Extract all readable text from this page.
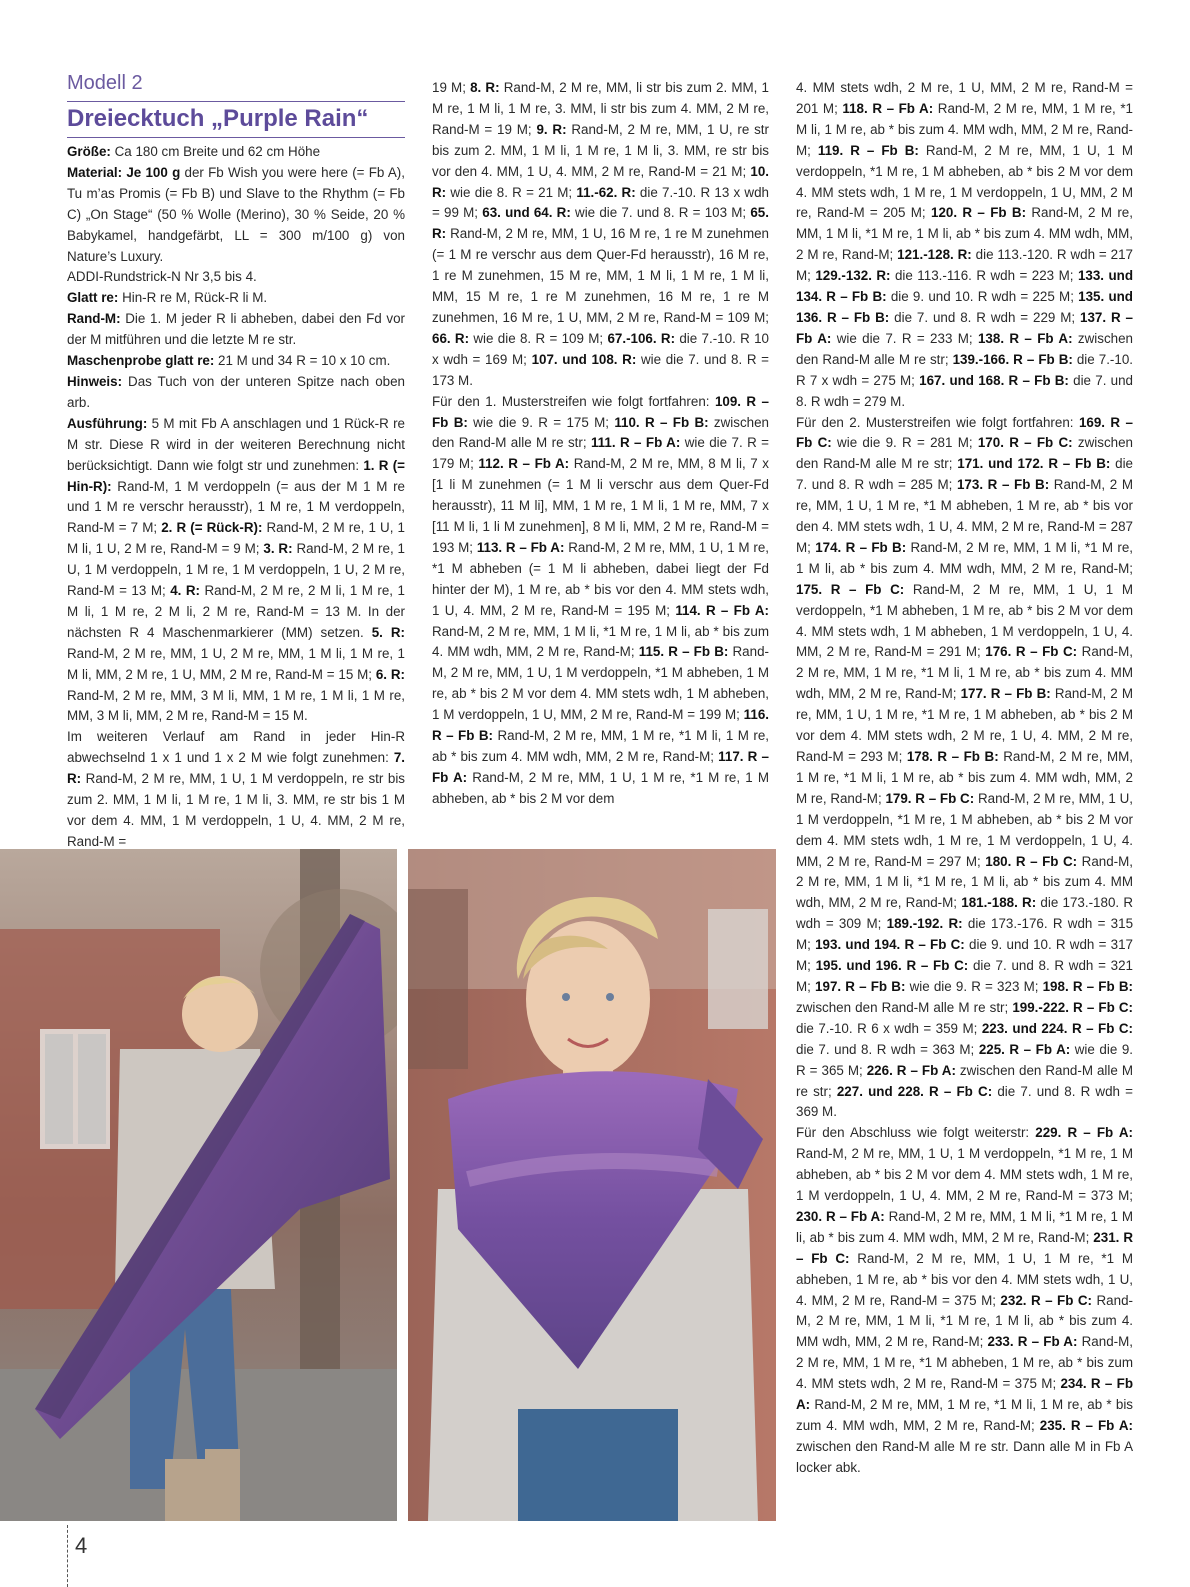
Modell 2
Dreiecktuch „Purple Rain“

Größe: Ca 180 cm Breite und 62 cm Höhe

Material: Je 100 g der Fb Wish you were here (= Fb A), Tu m’as Promis (= Fb B) und Slave to the Rhythm (= Fb C) „On Stage“ (50 % Wolle (Merino), 30 % Seide, 20 % Babykamel, handgefärbt, LL = 300 m/100 g) von Nature’s Luxury.

ADDI-Rundstrick-N Nr 3,5 bis 4.

Glatt re: Hin-R re M, Rück-R li M.

Rand-M: Die 1. M jeder R li abheben, dabei den Fd vor der M mitführen und die letzte M re str.

Maschenprobe glatt re: 21 M und 34 R = 10 x 10 cm.

Hinweis: Das Tuch von der unteren Spitze nach oben arb.

Ausführung: 5 M mit Fb A anschlagen und 1 Rück-R re M str. Diese R wird in der weiteren Berechnung nicht berücksichtigt. Dann wie folgt str und zunehmen: 1. R (= Hin-R): Rand-M, 1 M verdoppeln (= aus der M 1 M re und 1 M re verschr herausstr), 1 M re, 1 M verdoppeln, Rand-M = 7 M; 2. R (= Rück-R): Rand-M, 2 M re, 1 U, 1 M li, 1 U, 2 M re, Rand-M = 9 M; 3. R: Rand-M, 2 M re, 1 U, 1 M verdoppeln, 1 M re, 1 M verdoppeln, 1 U, 2 M re, Rand-M = 13 M; 4. R: Rand-M, 2 M re, 2 M li, 1 M re, 1 M li, 1 M re, 2 M li, 2 M re, Rand-M = 13 M. In der nächsten R 4 Maschenmarkierer (MM) setzen. 5. R: Rand-M, 2 M re, MM, 1 U, 2 M re, MM, 1 M li, 1 M re, 1 M li, MM, 2 M re, 1 U, MM, 2 M re, Rand-M = 15 M; 6. R: Rand-M, 2 M re, MM, 3 M li, MM, 1 M re, 1 M li, 1 M re, MM, 3 M li, MM, 2 M re, Rand-M = 15 M.

Im weiteren Verlauf am Rand in jeder Hin-R abwechselnd 1 x 1 und 1 x 2 M wie folgt zunehmen: 7. R: Rand-M, 2 M re, MM, 1 U, 1 M verdoppeln, re str bis zum 2. MM, 1 M li, 1 M re, 1 M li, 3. MM, re str bis 1 M vor dem 4. MM, 1 M verdoppeln, 1 U, 4. MM, 2 M re, Rand-M =

19 M; 8. R: Rand-M, 2 M re, MM, li str bis zum 2. MM, 1 M re, 1 M li, 1 M re, 3. MM, li str bis zum 4. MM, 2 M re, Rand-M = 19 M; 9. R: Rand-M, 2 M re, MM, 1 U, re str bis zum 2. MM, 1 M li, 1 M re, 1 M li, 3. MM, re str bis vor den 4. MM, 1 U, 4. MM, 2 M re, Rand-M = 21 M; 10. R: wie die 8. R = 21 M; 11.-62. R: die 7.-10. R 13 x wdh = 99 M; 63. und 64. R: wie die 7. und 8. R = 103 M; 65. R: Rand-M, 2 M re, MM, 1 U, 16 M re, 1 re M zunehmen (= 1 M re verschr aus dem Quer-Fd herausstr), 16 M re, 1 re M zunehmen, 15 M re, MM, 1 M li, 1 M re, 1 M li, MM, 15 M re, 1 re M zunehmen, 16 M re, 1 re M zunehmen, 16 M re, 1 U, MM, 2 M re, Rand-M = 109 M; 66. R: wie die 8. R = 109 M; 67.-106. R: die 7.-10. R 10 x wdh = 169 M; 107. und 108. R: wie die 7. und 8. R = 173 M.

Für den 1. Musterstreifen wie folgt fortfahren: 109. R – Fb B: wie die 9. R = 175 M; 110. R – Fb B: zwischen den Rand-M alle M re str; 111. R – Fb A: wie die 7. R = 179 M; 112. R – Fb A: Rand-M, 2 M re, MM, 8 M li, 7 x [1 li M zunehmen (= 1 M li verschr aus dem Quer-Fd herausstr), 11 M li], MM, 1 M re, 1 M li, 1 M re, MM, 7 x [11 M li, 1 li M zunehmen], 8 M li, MM, 2 M re, Rand-M = 193 M; 113. R – Fb A: Rand-M, 2 M re, MM, 1 U, 1 M re, *1 M abheben (= 1 M li abheben, dabei liegt der Fd hinter der M), 1 M re, ab * bis vor den 4. MM stets wdh, 1 U, 4. MM, 2 M re, Rand-M = 195 M; 114. R – Fb A: Rand-M, 2 M re, MM, 1 M li, *1 M re, 1 M li, ab * bis zum 4. MM wdh, MM, 2 M re, Rand-M; 115. R – Fb B: Rand-M, 2 M re, MM, 1 U, 1 M verdoppeln, *1 M abheben, 1 M re, ab * bis 2 M vor dem 4. MM stets wdh, 1 M abheben, 1 M verdoppeln, 1 U, MM, 2 M re, Rand-M = 199 M; 116. R – Fb B: Rand-M, 2 M re, MM, 1 M re, *1 M li, 1 M re, ab * bis zum 4. MM wdh, MM, 2 M re, Rand-M; 117. R – Fb A: Rand-M, 2 M re, MM, 1 U, 1 M re, *1 M re, 1 M abheben, ab * bis 2 M vor dem

4. MM stets wdh, 2 M re, 1 U, MM, 2 M re, Rand-M = 201 M; 118. R – Fb A: Rand-M, 2 M re, MM, 1 M re, *1 M li, 1 M re, ab * bis zum 4. MM wdh, MM, 2 M re, Rand-M; 119. R – Fb B: Rand-M, 2 M re, MM, 1 U, 1 M verdoppeln, *1 M re, 1 M abheben, ab * bis 2 M vor dem 4. MM stets wdh, 1 M re, 1 M verdoppeln, 1 U, MM, 2 M re, Rand-M = 205 M; 120. R – Fb B: Rand-M, 2 M re, MM, 1 M li, *1 M re, 1 M li, ab * bis zum 4. MM wdh, MM, 2 M re, Rand-M; 121.-128. R: die 113.-120. R wdh = 217 M; 129.-132. R: die 113.-116. R wdh = 223 M; 133. und 134. R – Fb B: die 9. und 10. R wdh = 225 M; 135. und 136. R – Fb B: die 7. und 8. R wdh = 229 M; 137. R – Fb A: wie die 7. R = 233 M; 138. R – Fb A: zwischen den Rand-M alle M re str; 139.-166. R – Fb B: die 7.-10. R 7 x wdh = 275 M; 167. und 168. R – Fb B: die 7. und 8. R wdh = 279 M.

Für den 2. Musterstreifen wie folgt fortfahren: 169. R – Fb C: wie die 9. R = 281 M; 170. R – Fb C: zwischen den Rand-M alle M re str; 171. und 172. R – Fb B: die 7. und 8. R wdh = 285 M; 173. R – Fb B: Rand-M, 2 M re, MM, 1 U, 1 M re, *1 M abheben, 1 M re, ab * bis vor den 4. MM stets wdh, 1 U, 4. MM, 2 M re, Rand-M = 287 M; 174. R – Fb B: Rand-M, 2 M re, MM, 1 M li, *1 M re, 1 M li, ab * bis zum 4. MM wdh, MM, 2 M re, Rand-M; 175. R – Fb C: Rand-M, 2 M re, MM, 1 U, 1 M verdoppeln, *1 M abheben, 1 M re, ab * bis 2 M vor dem 4. MM stets wdh, 1 M abheben, 1 M verdoppeln, 1 U, 4. MM, 2 M re, Rand-M = 291 M; 176. R – Fb C: Rand-M, 2 M re, MM, 1 M re, *1 M li, 1 M re, ab * bis zum 4. MM wdh, MM, 2 M re, Rand-M; 177. R – Fb B: Rand-M, 2 M re, MM, 1 U, 1 M re, *1 M re, 1 M abheben, ab * bis 2 M vor dem 4. MM stets wdh, 2 M re, 1 U, 4. MM, 2 M re, Rand-M = 293 M; 178. R – Fb B: Rand-M, 2 M re, MM, 1 M re, *1 M li, 1 M re, ab * bis zum 4. MM wdh, MM, 2 M re, Rand-M; 179. R – Fb C: Rand-M, 2 M re, MM, 1 U, 1 M verdoppeln, *1 M re, 1 M abheben, ab * bis 2 M vor dem 4. MM stets wdh, 1 M re, 1 M verdoppeln, 1 U, 4. MM, 2 M re, Rand-M = 297 M; 180. R – Fb C: Rand-M, 2 M re, MM, 1 M li, *1 M re, 1 M li, ab * bis zum 4. MM wdh, MM, 2 M re, Rand-M; 181.-188. R: die 173.-180. R wdh = 309 M; 189.-192. R: die 173.-176. R wdh = 315 M; 193. und 194. R – Fb C: die 9. und 10. R wdh = 317 M; 195. und 196. R – Fb C: die 7. und 8. R wdh = 321 M; 197. R – Fb B: wie die 9. R = 323 M; 198. R – Fb B: zwischen den Rand-M alle M re str; 199.-222. R – Fb C: die 7.-10. R 6 x wdh = 359 M; 223. und 224. R – Fb C: die 7. und 8. R wdh = 363 M; 225. R – Fb A: wie die 9. R = 365 M; 226. R – Fb A: zwischen den Rand-M alle M re str; 227. und 228. R – Fb C: die 7. und 8. R wdh = 369 M.

Für den Abschluss wie folgt weiterstr: 229. R – Fb A: Rand-M, 2 M re, MM, 1 U, 1 M verdoppeln, *1 M re, 1 M abheben, ab * bis 2 M vor dem 4. MM stets wdh, 1 M re, 1 M verdoppeln, 1 U, 4. MM, 2 M re, Rand-M = 373 M; 230. R – Fb A: Rand-M, 2 M re, MM, 1 M li, *1 M re, 1 M li, ab * bis zum 4. MM wdh, MM, 2 M re, Rand-M; 231. R – Fb C: Rand-M, 2 M re, MM, 1 U, 1 M re, *1 M abheben, 1 M re, ab * bis vor den 4. MM stets wdh, 1 U, 4. MM, 2 M re, Rand-M = 375 M; 232. R – Fb C: Rand-M, 2 M re, MM, 1 M li, *1 M re, 1 M li, ab * bis zum 4. MM wdh, MM, 2 M re, Rand-M; 233. R – Fb A: Rand-M, 2 M re, MM, 1 M re, *1 M abheben, 1 M re, ab * bis zum 4. MM stets wdh, 2 M re, Rand-M = 375 M; 234. R – Fb A: Rand-M, 2 M re, MM, 1 M re, *1 M li, 1 M re, ab * bis zum 4. MM wdh, MM, 2 M re, Rand-M; 235. R – Fb A: zwischen den Rand-M alle M re str. Dann alle M in Fb A locker abk.

4
